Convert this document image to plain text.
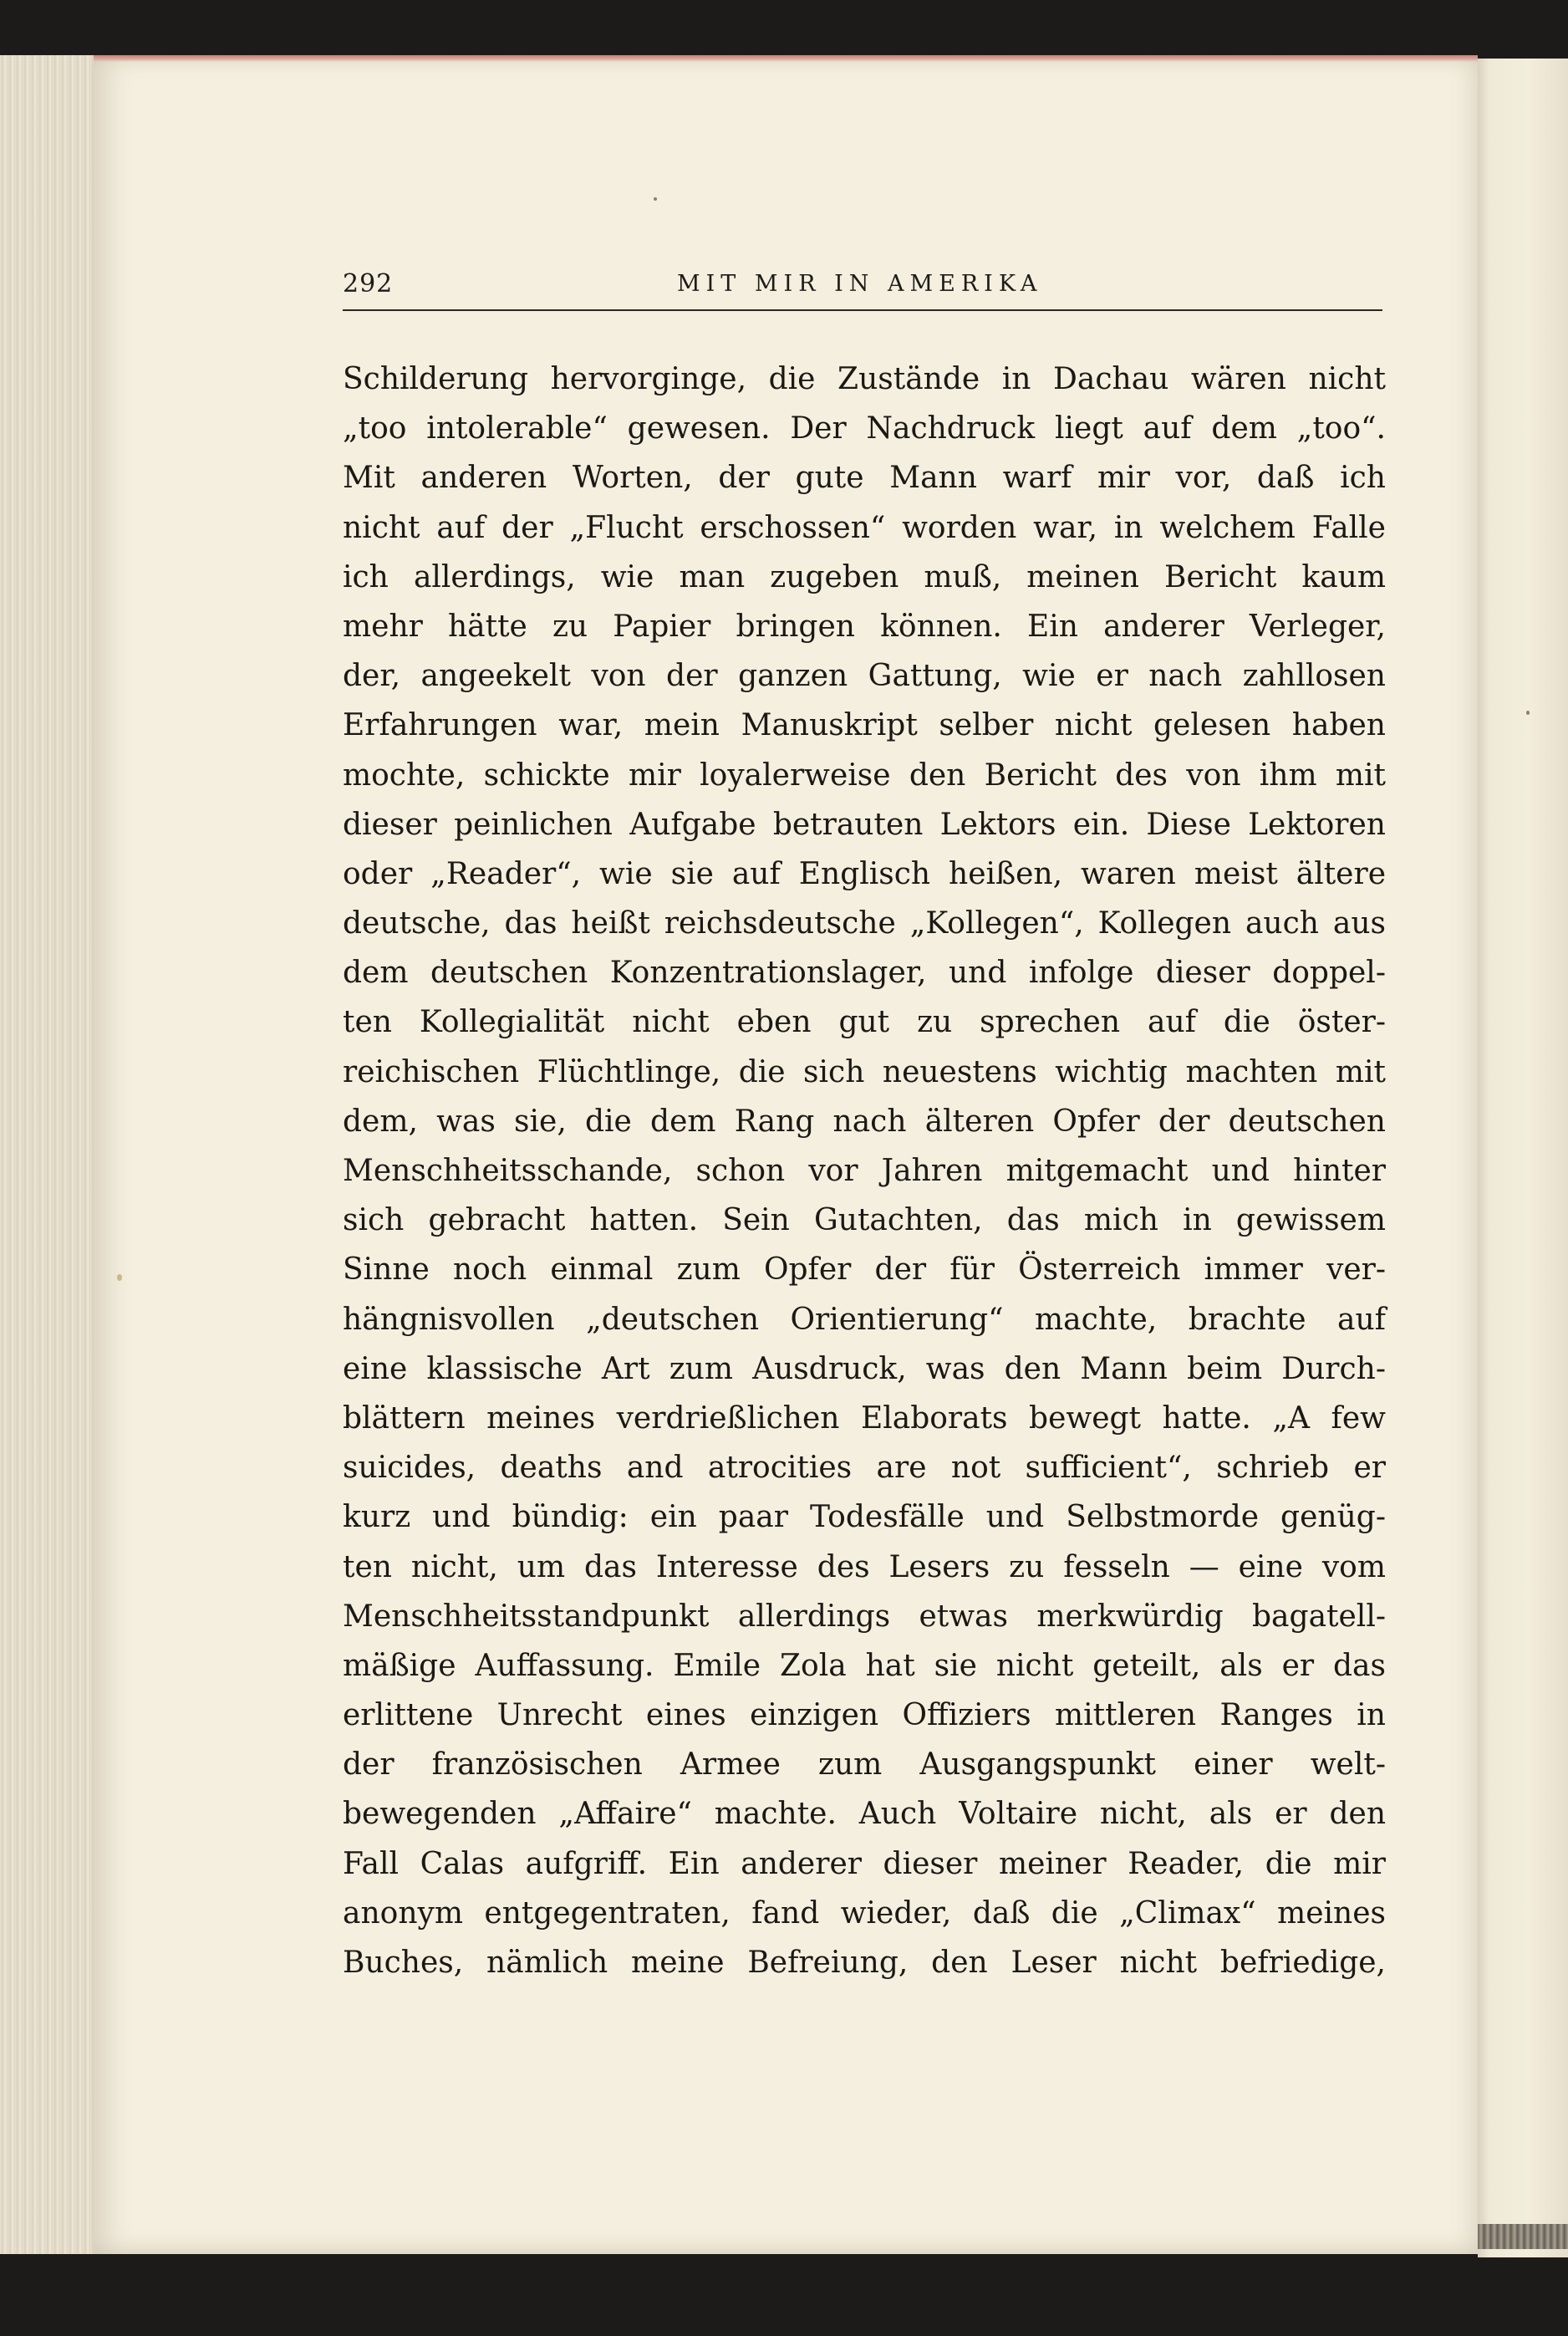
292	MIT MIR IN AMERIKA
Schilderung hervorginge, die Zustände in Dachau wären nicht
„too intolerable“ gewesen. Der Nachdruck liegt auf dem „too“.
Mit anderen Worten, der gute Mann warf mir vor, daß ich
nicht auf der „Flucht erschossen“ worden war, in welchem Falle
ich allerdings, wie man zugeben muß, meinen Bericht kaum
mehr hätte zu Papier bringen können. Ein anderer Verleger,
der, angeekelt von der ganzen Gattung, wie er nach zahllosen
Erfahrungen war, mein Manuskript selber nicht gelesen haben
mochte, schickte mir loyalerweise den Bericht des von ihm mit
dieser peinlichen Aufgabe betrauten Lektors ein. Diese Lektoren
oder „Reader“, wie sie auf Englisch heißen, waren meist ältere
deutsche, das heißt reichsdeutsche „Kollegen“, Kollegen auch aus
dem deutschen Konzentrationslager, und infolge dieser doppel-
ten Kollegialität nicht eben gut zu sprechen auf die öster-
reichischen Flüchtlinge, die sich neuestens wichtig machten mit
dem, was sie, die dem Rang nach älteren Opfer der deutschen
Menschheitsschande, schon vor Jahren mitgemacht und hinter
sich gebracht hatten. Sein Gutachten, das mich in gewissem
Sinne noch einmal zum Opfer der für Österreich immer ver-
hängnisvollen „deutschen Orientierung“ machte, brachte auf
eine klassische Art zum Ausdruck, was den Mann beim Durch-
blättern meines verdrießlichen Elaborats bewegt hatte. „A few
suicides, deaths and atrocities are not sufficient“, schrieb er
kurz und bündig: ein paar Todesfälle und Selbstmorde genüg-
ten nicht, um das Interesse des Lesers zu fesseln — eine vom
Menschheitsstandpunkt allerdings etwas merkwürdig bagatell-
mäßige Auffassung. Emile Zola hat sie nicht geteilt, als er das
erlittene Unrecht eines einzigen Offiziers mittleren Ranges in
der französischen Armee zum Ausgangspunkt einer welt-
bewegenden „Affaire“ machte. Auch Voltaire nicht, als er den
Fall Calas aufgriff. Ein anderer dieser meiner Reader, die mir
anonym entgegentraten, fand wieder, daß die „Climax“ meines
Buches, nämlich meine Befreiung, den Leser nicht befriedige,
